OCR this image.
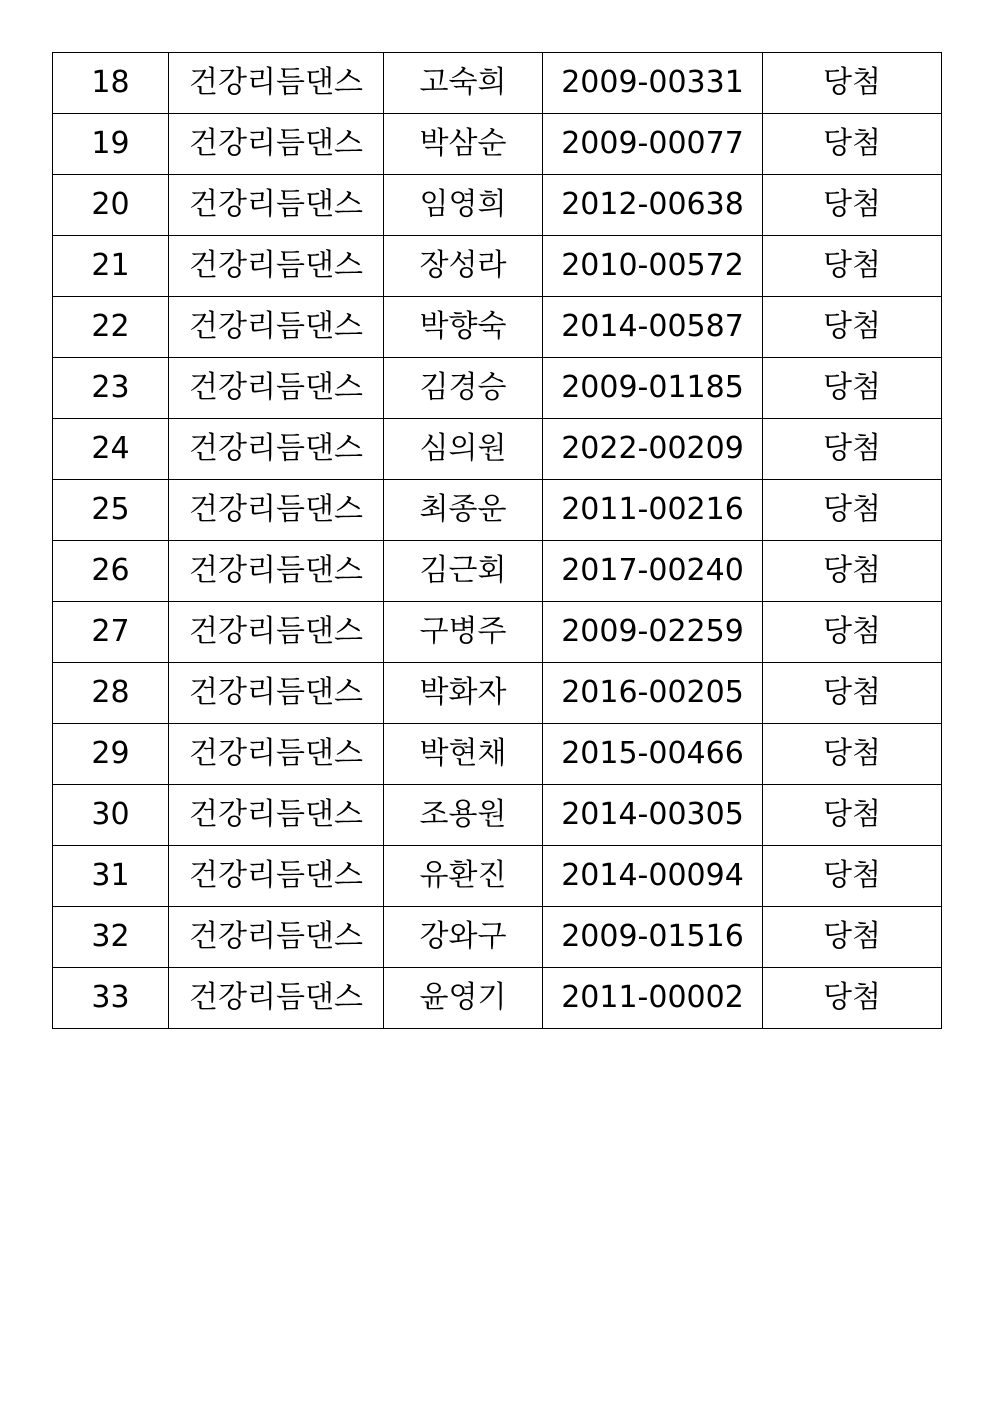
18	건강리듬댄스	고숙희	2009-00331	당첨
19	건강리듬댄스	박삼순	2009-00077	당첨
20	건강리듬댄스	임영희	2012-00638	당첨
21	건강리듬댄스	장성라	2010-00572	당첨
22	건강리듬댄스	박향숙	2014-00587	당첨
23	건강리듬댄스	김경승	2009-01185	당첨
24	건강리듬댄스	심의원	2022-00209	당첨
25	건강리듬댄스	최종운	2011-00216	당첨
26	건강리듬댄스	김근회	2017-00240	당첨
27	건강리듬댄스	구병주	2009-02259	당첨
28	건강리듬댄스	박화자	2016-00205	당첨
29	건강리듬댄스	박현채	2015-00466	당첨
30	건강리듬댄스	조용원	2014-00305	당첨
31	건강리듬댄스	유환진	2014-00094	당첨
32	건강리듬댄스	강와구	2009-01516	당첨
33	건강리듬댄스	윤영기	2011-00002	당첨
